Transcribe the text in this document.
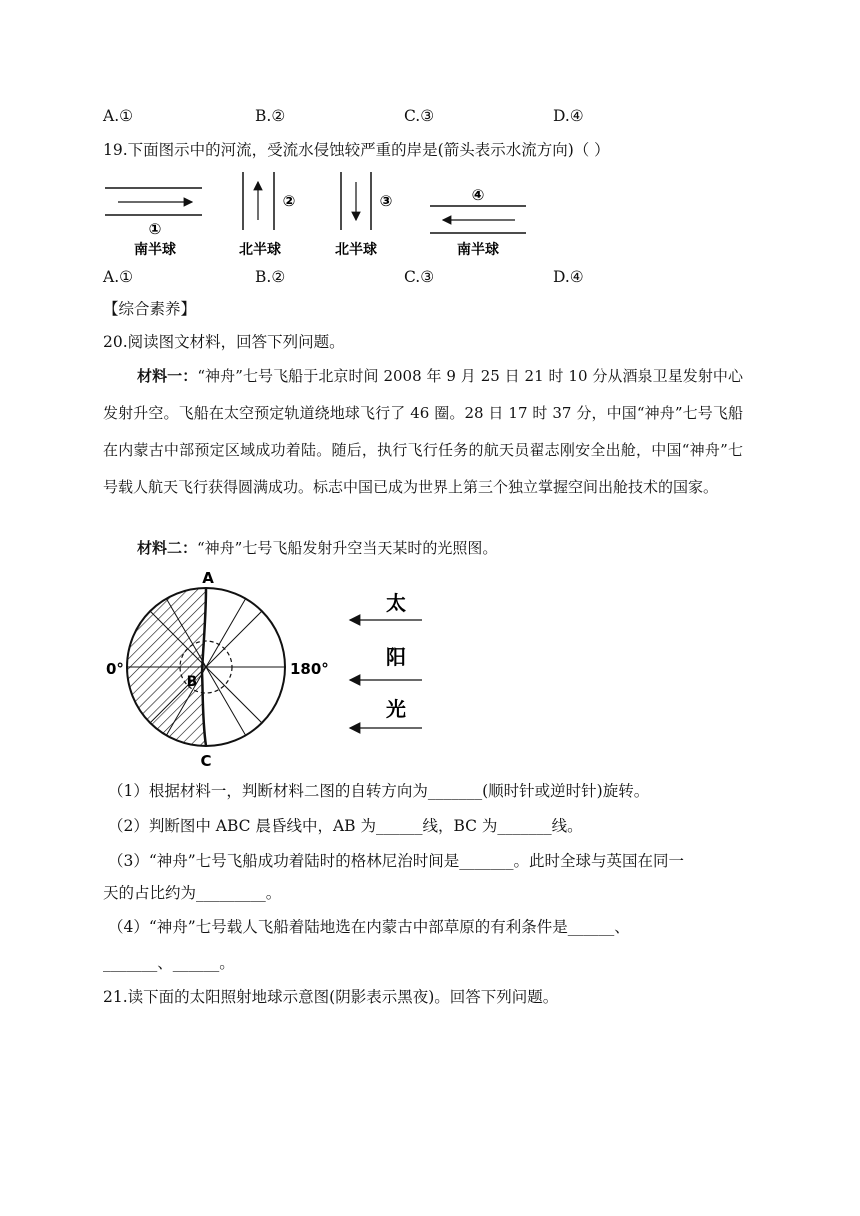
A.①	B.②	C.③	D.④
19.下面图示中的河流，受流水侵蚀较严重的岸是(箭头表示水流方向)（ ）
①
南半球
②
北半球
③
北半球
④
南半球
A.①	B.②	C.③	D.④
【综合素养】
20.阅读图文材料，回答下列问题。
材料一：“神舟”七号飞船于北京时间 2008 年 9 月 25 日 21 时 10 分从酒泉卫星发射中心发射升空。飞船在太空预定轨道绕地球飞行了 46 圈。28 日 17 时 37 分，中国“神舟”七号飞船在内蒙古中部预定区域成功着陆。随后，执行飞行任务的航天员翟志刚安全出舱，中国“神舟”七号载人航天飞行获得圆满成功。标志中国已成为世界上第三个独立掌握空间出舱技术的国家。
材料二：“神舟”七号飞船发射升空当天某时的光照图。
A
B
C
0°	180°
太
阳
光
（1）根据材料一，判断材料二图的自转方向为_______(顺时针或逆时针)旋转。
（2）判断图中 ABC 晨昏线中，AB 为______线，BC 为_______线。
（3）“神舟”七号飞船成功着陆时的格林尼治时间是_______。此时全球与英国在同一
天的占比约为_________。
（4）“神舟”七号载人飞船着陆地选在内蒙古中部草原的有利条件是______、
_______、______。
21.读下面的太阳照射地球示意图(阴影表示黑夜)。回答下列问题。
